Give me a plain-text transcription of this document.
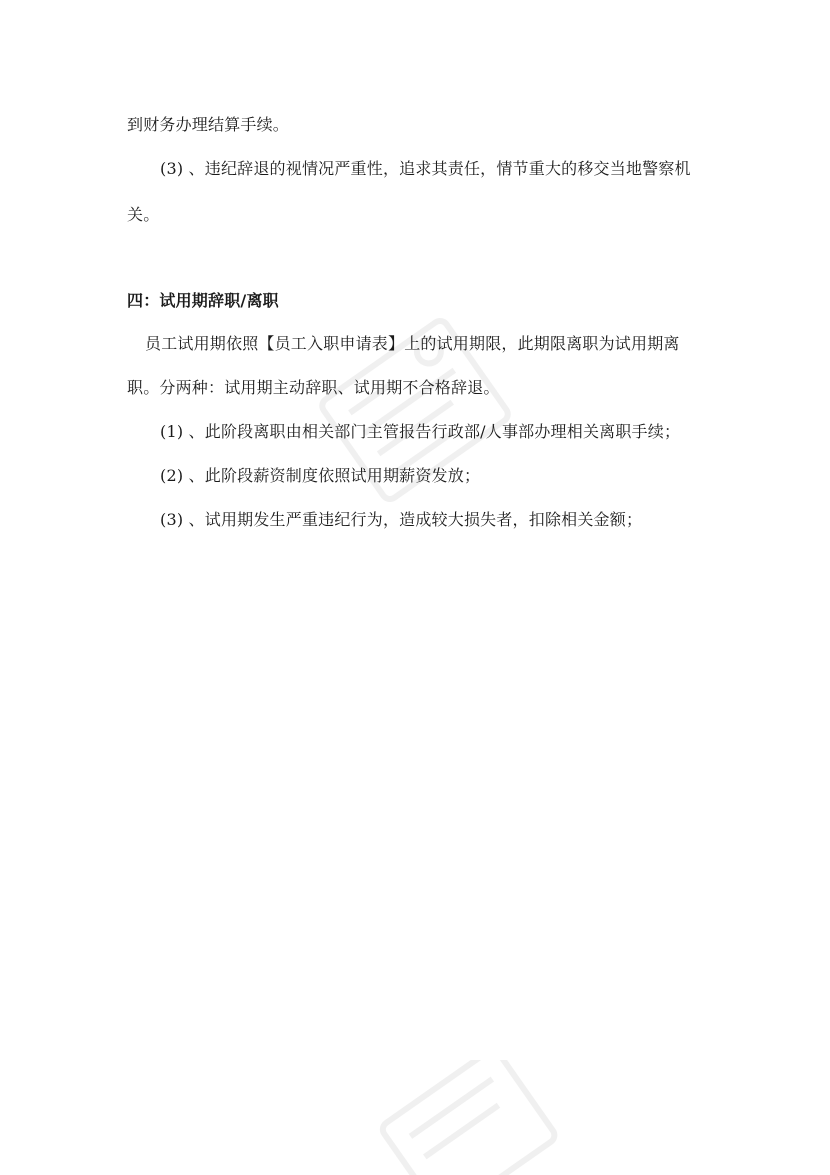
到财务办理结算手续。
(3) 、违纪辞退的视情况严重性，追求其责任，情节重大的移交当地警察机
关。
四：试用期辞职/离职
员工试用期依照【员工入职申请表】上的试用期限，此期限离职为试用期离
职。分两种：试用期主动辞职、试用期不合格辞退。
(1) 、此阶段离职由相关部门主管报告行政部/人事部办理相关离职手续；
(2) 、此阶段薪资制度依照试用期薪资发放；
(3) 、试用期发生严重违纪行为，造成较大损失者，扣除相关金额；
